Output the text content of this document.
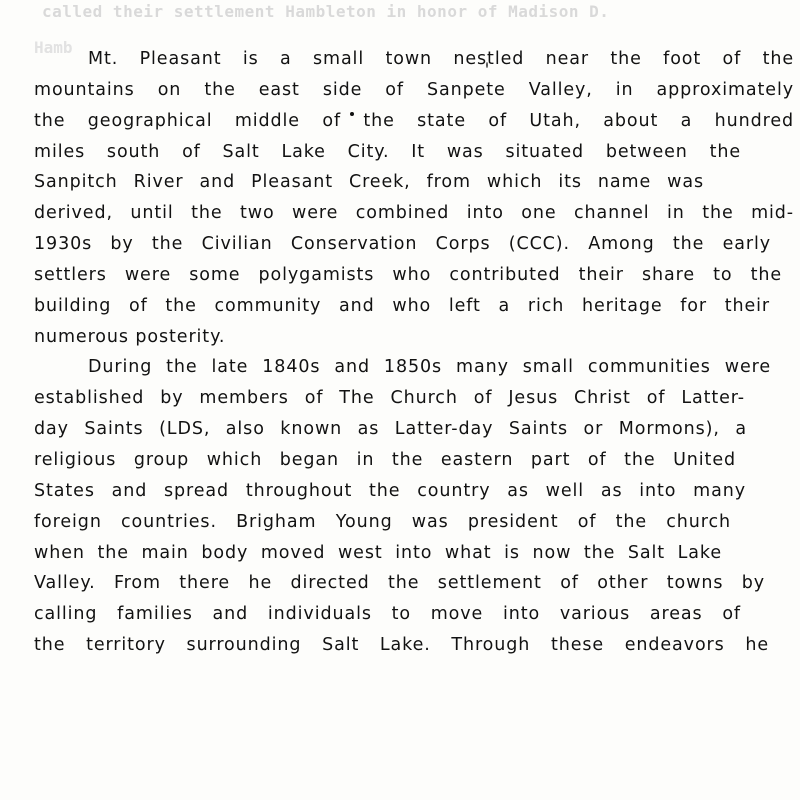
called their settlement Hambleton in honor of Madison D.
Hamb
Mt. Pleasant is a small town nestled near the foot of the
mountains on the east side of Sanpete Valley, in approximately
the geographical middle of the state of Utah, about a hundred
miles south of Salt Lake City. It was situated between the
Sanpitch River and Pleasant Creek, from which its name was
derived, until the two were combined into one channel in the mid-
1930s by the Civilian Conservation Corps (CCC). Among the early
settlers were some polygamists who contributed their share to the
building of the community and who left a rich heritage for their
numerous posterity.
During the late 1840s and 1850s many small communities were
established by members of The Church of Jesus Christ of Latter-
day Saints (LDS, also known as Latter-day Saints or Mormons), a
religious group which began in the eastern part of the United
States and spread throughout the country as well as into many
foreign countries. Brigham Young was president of the church
when the main body moved west into what is now the Salt Lake
Valley. From there he directed the settlement of other towns by
calling families and individuals to move into various areas of
the territory surrounding Salt Lake. Through these endeavors he
